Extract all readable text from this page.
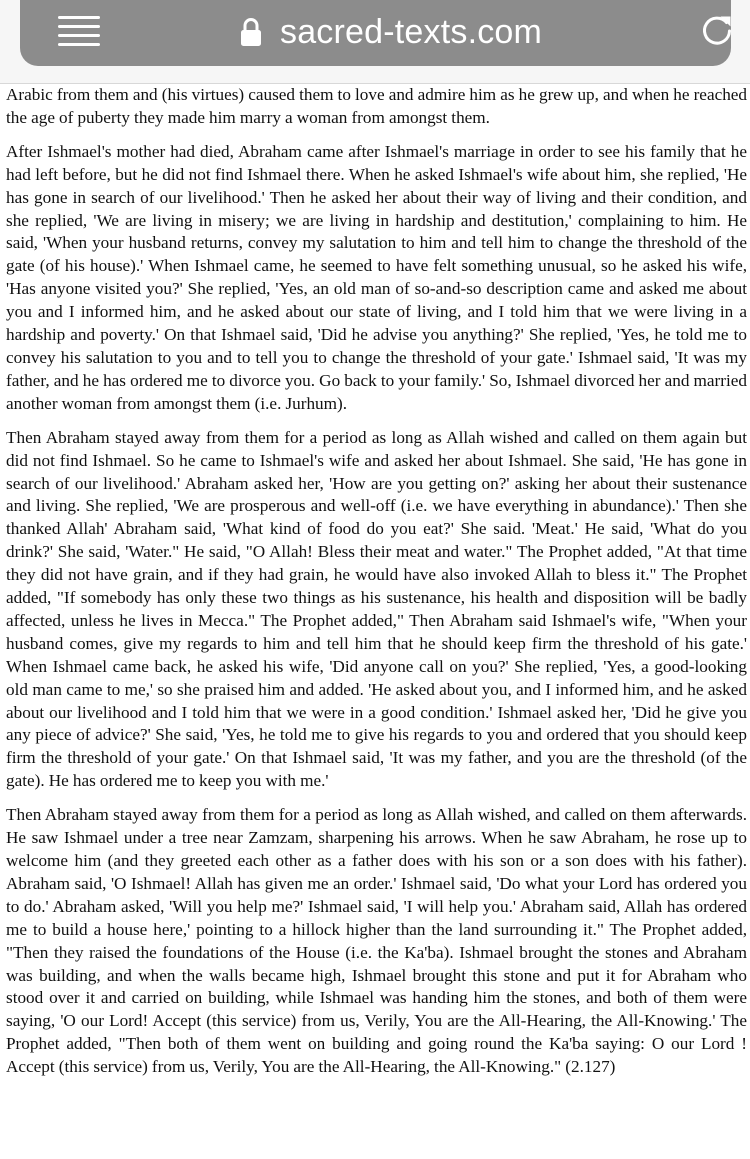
sacred-texts.com

Arabic from them and (his virtues) caused them to love and admire him as he grew up, and when he reached the age of puberty they made him marry a woman from amongst them.

After Ishmael's mother had died, Abraham came after Ishmael's marriage in order to see his family that he had left before, but he did not find Ishmael there. When he asked Ishmael's wife about him, she replied, 'He has gone in search of our livelihood.' Then he asked her about their way of living and their condition, and she replied, 'We are living in misery; we are living in hardship and destitution,' complaining to him. He said, 'When your husband returns, convey my salutation to him and tell him to change the threshold of the gate (of his house).' When Ishmael came, he seemed to have felt something unusual, so he asked his wife, 'Has anyone visited you?' She replied, 'Yes, an old man of so-and-so description came and asked me about you and I informed him, and he asked about our state of living, and I told him that we were living in a hardship and poverty.' On that Ishmael said, 'Did he advise you anything?' She replied, 'Yes, he told me to convey his salutation to you and to tell you to change the threshold of your gate.' Ishmael said, 'It was my father, and he has ordered me to divorce you. Go back to your family.' So, Ishmael divorced her and married another woman from amongst them (i.e. Jurhum).

Then Abraham stayed away from them for a period as long as Allah wished and called on them again but did not find Ishmael. So he came to Ishmael's wife and asked her about Ishmael. She said, 'He has gone in search of our livelihood.' Abraham asked her, 'How are you getting on?' asking her about their sustenance and living. She replied, 'We are prosperous and well-off (i.e. we have everything in abundance).' Then she thanked Allah' Abraham said, 'What kind of food do you eat?' She said. 'Meat.' He said, 'What do you drink?' She said, 'Water." He said, "O Allah! Bless their meat and water." The Prophet added, "At that time they did not have grain, and if they had grain, he would have also invoked Allah to bless it." The Prophet added, "If somebody has only these two things as his sustenance, his health and disposition will be badly affected, unless he lives in Mecca." The Prophet added," Then Abraham said Ishmael's wife, "When your husband comes, give my regards to him and tell him that he should keep firm the threshold of his gate.' When Ishmael came back, he asked his wife, 'Did anyone call on you?' She replied, 'Yes, a good-looking old man came to me,' so she praised him and added. 'He asked about you, and I informed him, and he asked about our livelihood and I told him that we were in a good condition.' Ishmael asked her, 'Did he give you any piece of advice?' She said, 'Yes, he told me to give his regards to you and ordered that you should keep firm the threshold of your gate.' On that Ishmael said, 'It was my father, and you are the threshold (of the gate). He has ordered me to keep you with me.'

Then Abraham stayed away from them for a period as long as Allah wished, and called on them afterwards. He saw Ishmael under a tree near Zamzam, sharpening his arrows. When he saw Abraham, he rose up to welcome him (and they greeted each other as a father does with his son or a son does with his father). Abraham said, 'O Ishmael! Allah has given me an order.' Ishmael said, 'Do what your Lord has ordered you to do.' Abraham asked, 'Will you help me?' Ishmael said, 'I will help you.' Abraham said, Allah has ordered me to build a house here,' pointing to a hillock higher than the land surrounding it." The Prophet added, "Then they raised the foundations of the House (i.e. the Ka'ba). Ishmael brought the stones and Abraham was building, and when the walls became high, Ishmael brought this stone and put it for Abraham who stood over it and carried on building, while Ishmael was handing him the stones, and both of them were saying, 'O our Lord! Accept (this service) from us, Verily, You are the All-Hearing, the All-Knowing.' The Prophet added, "Then both of them went on building and going round the Ka'ba saying: O our Lord ! Accept (this service) from us, Verily, You are the All-Hearing, the All-Knowing." (2.127)
